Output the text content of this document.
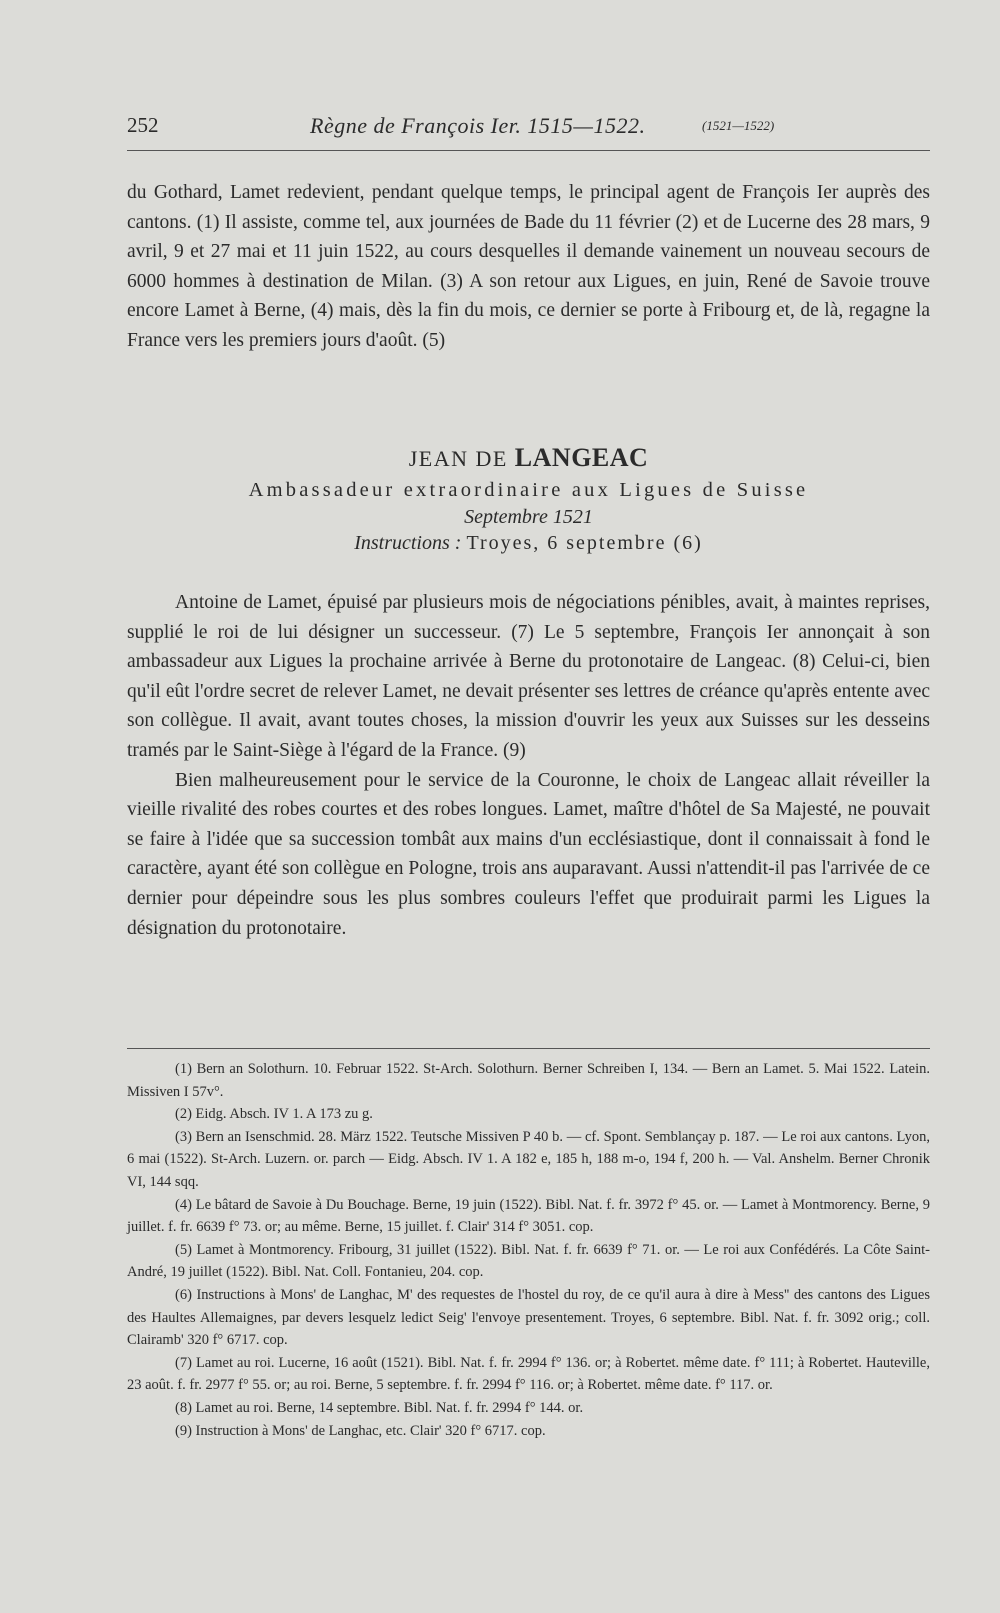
252	Règne de François Ier. 1515—1522.	(1521—1522)

du Gothard, Lamet redevient, pendant quelque temps, le principal agent de François Ier auprès des cantons. (1) Il assiste, comme tel, aux journées de Bade du 11 février (2) et de Lucerne des 28 mars, 9 avril, 9 et 27 mai et 11 juin 1522, au cours desquelles il demande vainement un nouveau secours de 6000 hommes à destination de Milan. (3) A son retour aux Ligues, en juin, René de Savoie trouve encore Lamet à Berne, (4) mais, dès la fin du mois, ce dernier se porte à Fribourg et, de là, regagne la France vers les premiers jours d'août. (5)

JEAN DE LANGEAC
Ambassadeur extraordinaire aux Ligues de Suisse
Septembre 1521
Instructions : Troyes, 6 septembre (6)

Antoine de Lamet, épuisé par plusieurs mois de négociations pénibles, avait, à maintes reprises, supplié le roi de lui désigner un successeur. (7) Le 5 septembre, François Ier annonçait à son ambassadeur aux Ligues la prochaine arrivée à Berne du protonotaire de Langeac. (8) Celui-ci, bien qu'il eût l'ordre secret de relever Lamet, ne devait présenter ses lettres de créance qu'après entente avec son collègue. Il avait, avant toutes choses, la mission d'ouvrir les yeux aux Suisses sur les desseins tramés par le Saint-Siège à l'égard de la France. (9)

Bien malheureusement pour le service de la Couronne, le choix de Langeac allait réveiller la vieille rivalité des robes courtes et des robes longues. Lamet, maître d'hôtel de Sa Majesté, ne pouvait se faire à l'idée que sa succession tombât aux mains d'un ecclésiastique, dont il connaissait à fond le caractère, ayant été son collègue en Pologne, trois ans auparavant. Aussi n'attendit-il pas l'arrivée de ce dernier pour dépeindre sous les plus sombres couleurs l'effet que produirait parmi les Ligues la désignation du protonotaire.

(1) Bern an Solothurn. 10. Februar 1522. St-Arch. Solothurn. Berner Schreiben I, 134. — Bern an Lamet. 5. Mai 1522. Latein. Missiven I 57v°.

(2) Eidg. Absch. IV 1. A 173 zu g.

(3) Bern an Isenschmid. 28. März 1522. Teutsche Missiven P 40 b. — cf. Spont. Semblançay p. 187. — Le roi aux cantons. Lyon, 6 mai (1522). St-Arch. Luzern. or. parch — Eidg. Absch. IV 1. A 182 e, 185 h, 188 m-o, 194 f, 200 h. — Val. Anshelm. Berner Chronik VI, 144 sqq.

(4) Le bâtard de Savoie à Du Bouchage. Berne, 19 juin (1522). Bibl. Nat. f. fr. 3972 f° 45. or. — Lamet à Montmorency. Berne, 9 juillet. f. fr. 6639 f° 73. or; au même. Berne, 15 juillet. f. Clair' 314 f° 3051. cop.

(5) Lamet à Montmorency. Fribourg, 31 juillet (1522). Bibl. Nat. f. fr. 6639 f° 71. or. — Le roi aux Confédérés. La Côte Saint-André, 19 juillet (1522). Bibl. Nat. Coll. Fontanieu, 204. cop.

(6) Instructions à Mons' de Langhac, M' des requestes de l'hostel du roy, de ce qu'il aura à dire à Mess'' des cantons des Ligues des Haultes Allemaignes, par devers lesquelz ledict Seig' l'envoye presentement. Troyes, 6 septembre. Bibl. Nat. f. fr. 3092 orig.; coll. Clairamb' 320 f° 6717. cop.

(7) Lamet au roi. Lucerne, 16 août (1521). Bibl. Nat. f. fr. 2994 f° 136. or; à Robertet. même date. f° 111; à Robertet. Hauteville, 23 août. f. fr. 2977 f° 55. or; au roi. Berne, 5 septembre. f. fr. 2994 f° 116. or; à Robertet. même date. f° 117. or.

(8) Lamet au roi. Berne, 14 septembre. Bibl. Nat. f. fr. 2994 f° 144. or.

(9) Instruction à Mons' de Langhac, etc. Clair' 320 f° 6717. cop.
